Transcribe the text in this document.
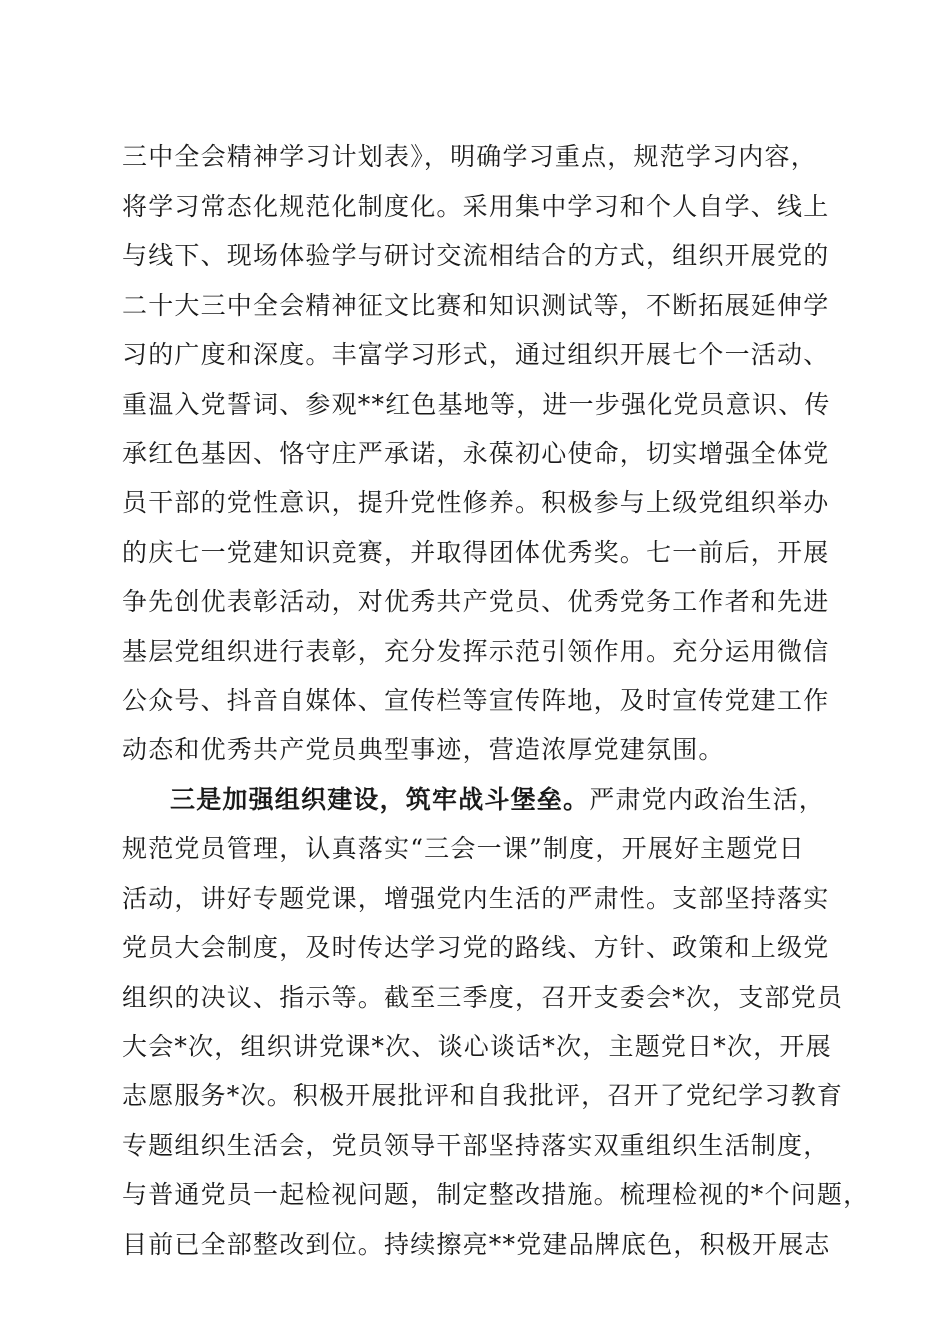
三中全会精神学习计划表》，明确学习重点，规范学习内容，
将学习常态化规范化制度化。采用集中学习和个人自学、线上
与线下、现场体验学与研讨交流相结合的方式，组织开展党的
二十大三中全会精神征文比赛和知识测试等，不断拓展延伸学
习的广度和深度。丰富学习形式，通过组织开展七个一活动、
重温入党誓词、参观**红色基地等，进一步强化党员意识、传
承红色基因、恪守庄严承诺，永葆初心使命，切实增强全体党
员干部的党性意识，提升党性修养。积极参与上级党组织举办
的庆七一党建知识竞赛，并取得团体优秀奖。七一前后，开展
争先创优表彰活动，对优秀共产党员、优秀党务工作者和先进
基层党组织进行表彰，充分发挥示范引领作用。充分运用微信
公众号、抖音自媒体、宣传栏等宣传阵地，及时宣传党建工作
动态和优秀共产党员典型事迹，营造浓厚党建氛围。
三是加强组织建设，筑牢战斗堡垒。严肃党内政治生活，
规范党员管理，认真落实“三会一课”制度，开展好主题党日
活动，讲好专题党课，增强党内生活的严肃性。支部坚持落实
党员大会制度，及时传达学习党的路线、方针、政策和上级党
组织的决议、指示等。截至三季度，召开支委会*次，支部党员
大会*次，组织讲党课*次、谈心谈话*次，主题党日*次，开展
志愿服务*次。积极开展批评和自我批评，召开了党纪学习教育
专题组织生活会，党员领导干部坚持落实双重组织生活制度，
与普通党员一起检视问题，制定整改措施。梳理检视的*个问题，
目前已全部整改到位。持续擦亮**党建品牌底色，积极开展志
